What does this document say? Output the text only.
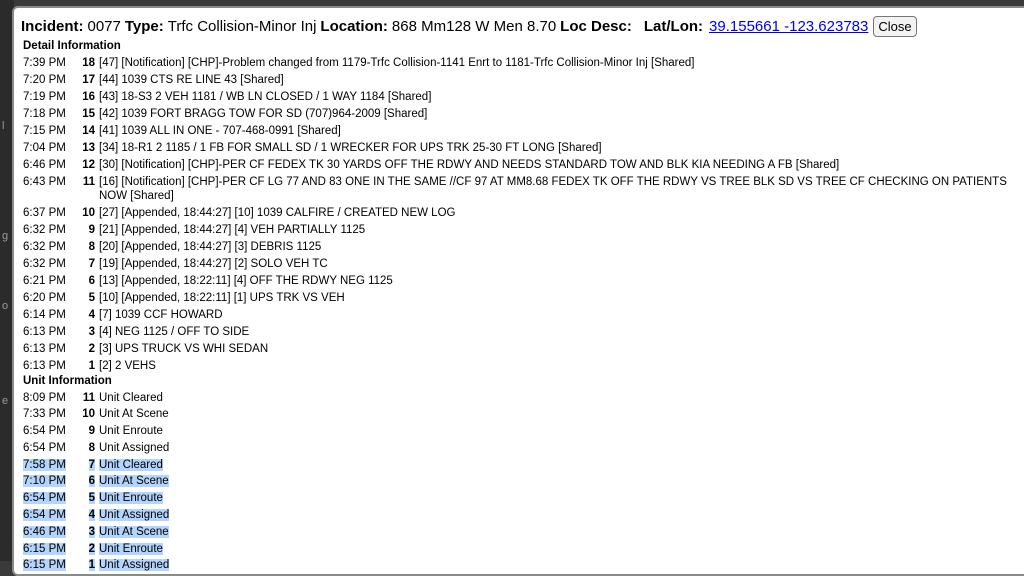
l
g
o
e
Incident: 0077 Type: Trfc Collision-Minor Inj Location: 868 Mm128 W Men 8.70 Loc Desc: Lat/Lon: 39.155661 -123.623783 Close
Detail Information
7:39 PM	18 [47] [Notification] [CHP]-Problem changed from 1179-Trfc Collision-1141 Enrt to 1181-Trfc Collision-Minor Inj [Shared]
7:20 PM	17 [44] 1039 CTS RE LINE 43 [Shared]
7:19 PM	16 [43] 18-S3 2 VEH 1181 / WB LN CLOSED / 1 WAY 1184 [Shared]
7:18 PM	15 [42] 1039 FORT BRAGG TOW FOR SD (707)964-2009 [Shared]
7:15 PM	14 [41] 1039 ALL IN ONE - 707-468-0991 [Shared]
7:04 PM	13 [34] 18-R1 2 1185 / 1 FB FOR SMALL SD / 1 WRECKER FOR UPS TRK 25-30 FT LONG [Shared]
6:46 PM	12 [30] [Notification] [CHP]-PER CF FEDEX TK 30 YARDS OFF THE RDWY AND NEEDS STANDARD TOW AND BLK KIA NEEDING A FB [Shared]
6:43 PM	11 [16] [Notification] [CHP]-PER CF LG 77 AND 83 ONE IN THE SAME //CF 97 AT MM8.68 FEDEX TK OFF THE RDWY VS TREE BLK SD VS TREE CF CHECKING ON PATIENTS NOW [Shared]
6:37 PM	10 [27] [Appended, 18:44:27] [10] 1039 CALFIRE / CREATED NEW LOG
6:32 PM	9 [21] [Appended, 18:44:27] [4] VEH PARTIALLY 1125
6:32 PM	8 [20] [Appended, 18:44:27] [3] DEBRIS 1125
6:32 PM	7 [19] [Appended, 18:44:27] [2] SOLO VEH TC
6:21 PM	6 [13] [Appended, 18:22:11] [4] OFF THE RDWY NEG 1125
6:20 PM	5 [10] [Appended, 18:22:11] [1] UPS TRK VS VEH
6:14 PM	4 [7] 1039 CCF HOWARD
6:13 PM	3 [4] NEG 1125 / OFF TO SIDE
6:13 PM	2 [3] UPS TRUCK VS WHI SEDAN
6:13 PM	1 [2] 2 VEHS
Unit Information
8:09 PM	11 Unit Cleared
7:33 PM	10 Unit At Scene
6:54 PM	9 Unit Enroute
6:54 PM	8 Unit Assigned
7:58 PM	7 Unit Cleared
7:10 PM	6 Unit At Scene
6:54 PM	5 Unit Enroute
6:54 PM	4 Unit Assigned
6:46 PM	3 Unit At Scene
6:15 PM	2 Unit Enroute
6:15 PM	1 Unit Assigned
